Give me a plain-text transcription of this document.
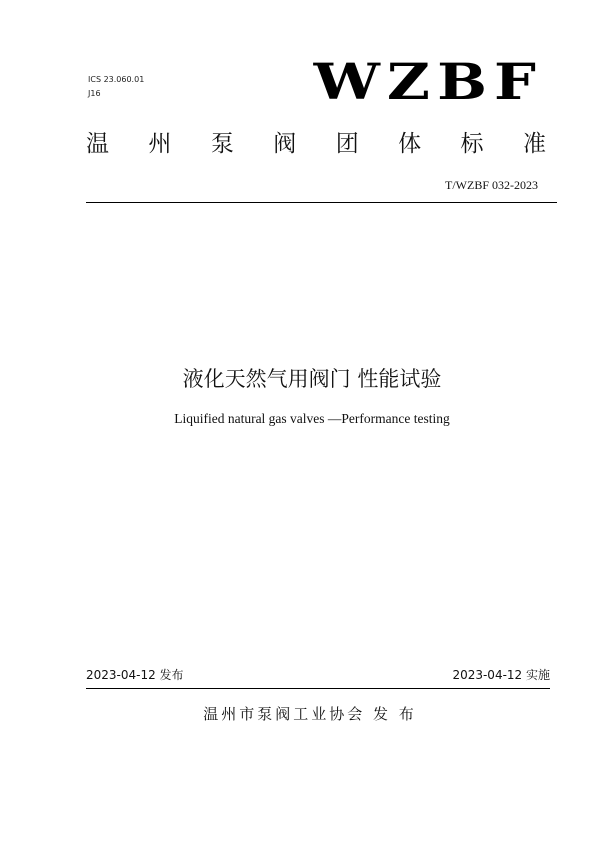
ICS 23.060.01
J16	WZBF
温 州 泵 阀 团 体 标 准
T/WZBF 032-2023
液化天然气用阀门 性能试验
Liquified natural gas valves —Performance testing
2023-04-12 发布	2023-04-12 实施
温州市泵阀工业协会 发 布
